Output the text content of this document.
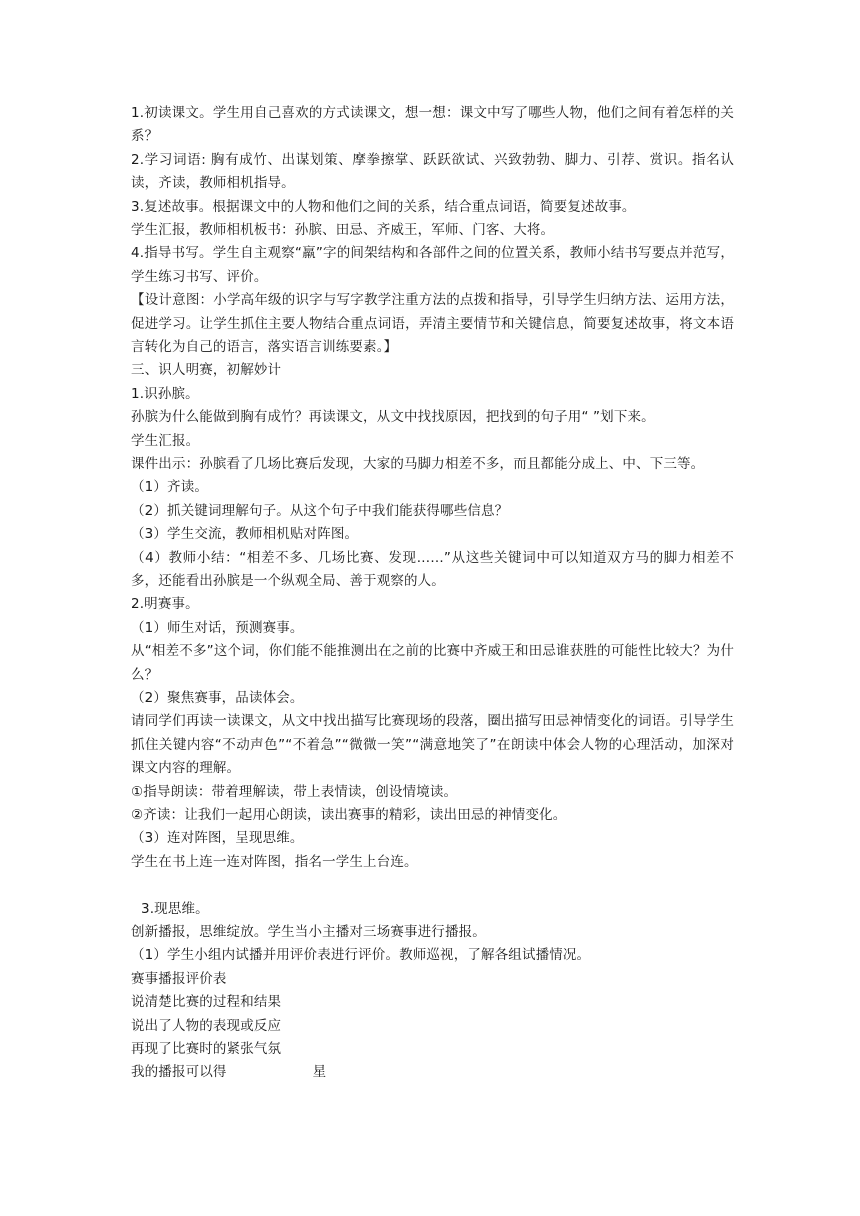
1.初读课文。学生用自己喜欢的方式读课文，想一想：课文中写了哪些人物，他们之间有着怎样的关系？
2.学习词语: 胸有成竹、出谋划策、摩拳擦掌、跃跃欲试、兴致勃勃、脚力、引荐、赏识。指名认读，齐读，教师相机指导。
3.复述故事。根据课文中的人物和他们之间的关系，结合重点词语，简要复述故事。
学生汇报，教师相机板书：孙膑、田忌、齐威王，军师、门客、大将。
4.指导书写。学生自主观察“羸”字的间架结构和各部件之间的位置关系，教师小结书写要点并范写，学生练习书写、评价。
【设计意图：小学高年级的识字与写字教学注重方法的点拨和指导，引导学生归纳方法、运用方法，促进学习。让学生抓住主要人物结合重点词语，弄清主要情节和关键信息，简要复述故事，将文本语言转化为自己的语言，落实语言训练要素。】
三、识人明赛，初解妙计
1.识孙膑。
孙膑为什么能做到胸有成竹？再读课文，从文中找找原因，把找到的句子用“ ”划下来。
学生汇报。
课件出示：孙膑看了几场比赛后发现，大家的马脚力相差不多，而且都能分成上、中、下三等。
（1）齐读。
（2）抓关键词理解句子。从这个句子中我们能获得哪些信息？
（3）学生交流，教师相机贴对阵图。
（4）教师小结：“相差不多、几场比赛、发现……”从这些关键词中可以知道双方马的脚力相差不多，还能看出孙膑是一个纵观全局、善于观察的人。
2.明赛事。
（1）师生对话，预测赛事。
从“相差不多”这个词，你们能不能推测出在之前的比赛中齐威王和田忌谁获胜的可能性比较大？为什么？
（2）聚焦赛事，品读体会。
请同学们再读一读课文，从文中找出描写比赛现场的段落，圈出描写田忌神情变化的词语。引导学生抓住关键内容“不动声色”“不着急”“微微一笑”“满意地笑了”在朗读中体会人物的心理活动，加深对课文内容的理解。
①指导朗读：带着理解读，带上表情读，创设情境读。
②齐读：让我们一起用心朗读，读出赛事的精彩，读出田忌的神情变化。
（3）连对阵图，呈现思维。
学生在书上连一连对阵图，指名一学生上台连。
3.现思维。
创新播报，思维绽放。学生当小主播对三场赛事进行播报。
（1）学生小组内试播并用评价表进行评价。教师巡视，了解各组试播情况。
赛事播报评价表
说清楚比赛的过程和结果
说出了人物的表现或反应
再现了比赛时的紧张气氛
我的播报可以得	星
